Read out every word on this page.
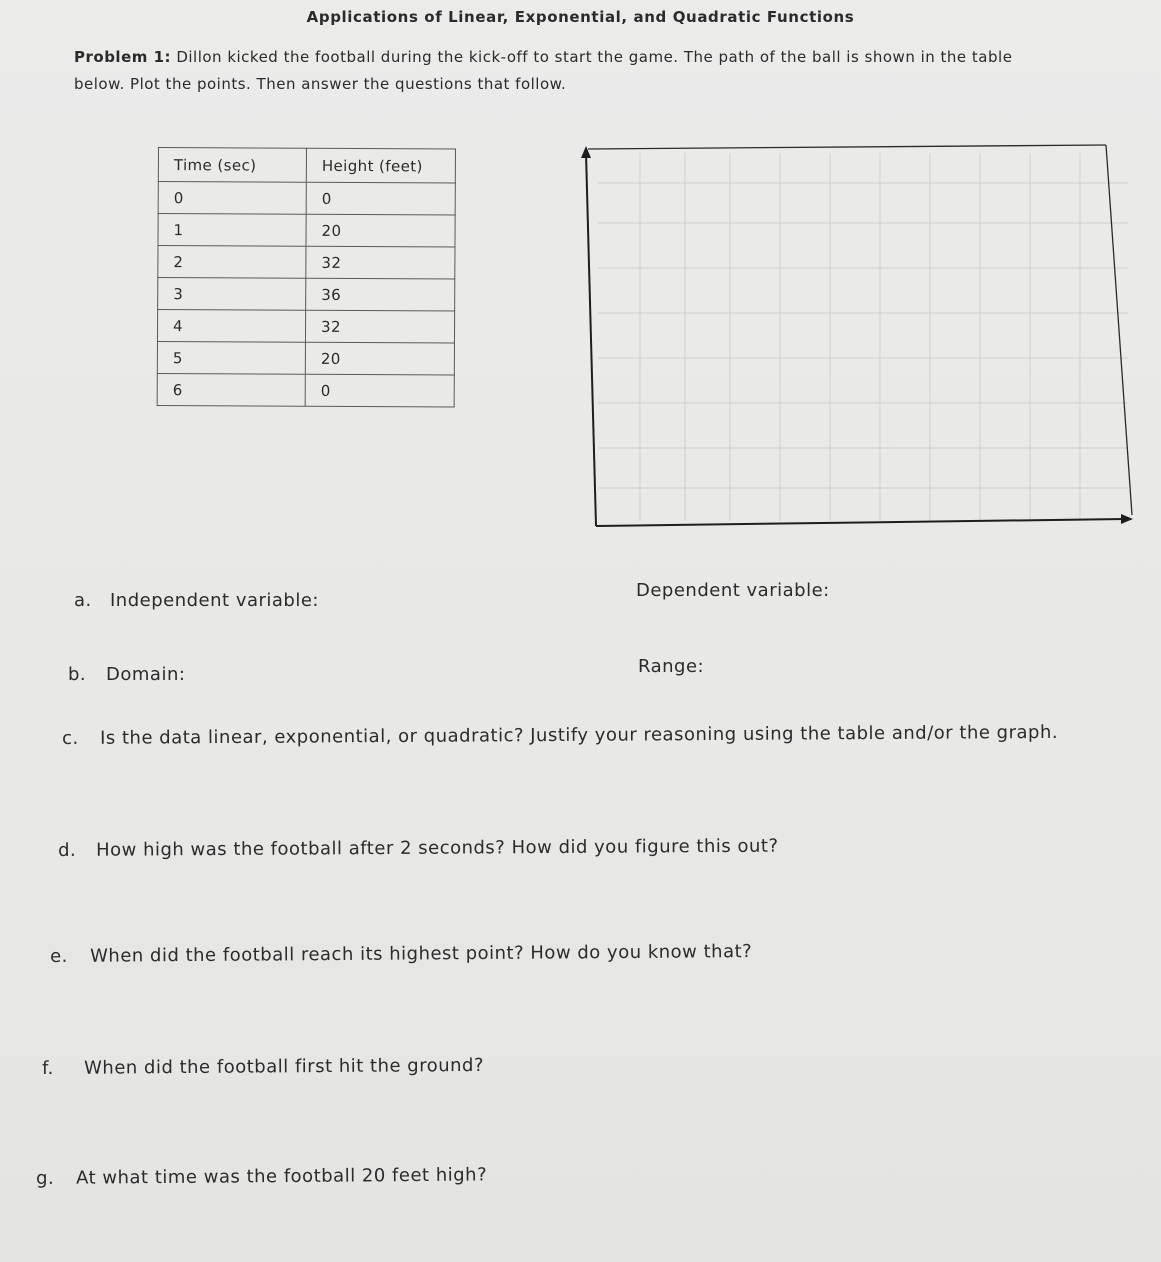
Applications of Linear, Exponential, and Quadratic Functions
Problem 1: Dillon kicked the football during the kick-off to start the game. The path of the ball is shown in the table below. Plot the points. Then answer the questions that follow.
Time (sec)	Height (feet)
0	0
1	20
2	32
3	36
4	32
5	20
6	0
a. Independent variable:	Dependent variable:
b. Domain:	Range:
c. Is the data linear, exponential, or quadratic? Justify your reasoning using the table and/or the graph.
d. How high was the football after 2 seconds? How did you figure this out?
e. When did the football reach its highest point? How do you know that?
f. When did the football first hit the ground?
g. At what time was the football 20 feet high?
